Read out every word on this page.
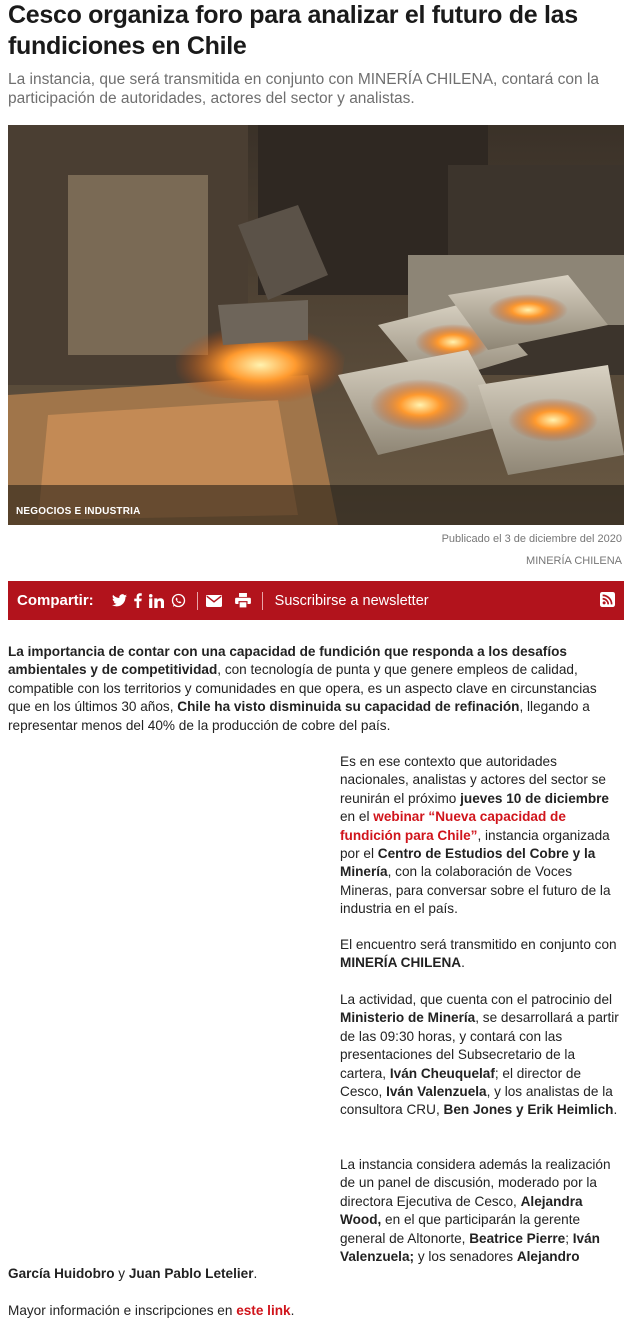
Cesco organiza foro para analizar el futuro de las fundiciones en Chile

La instancia, que será transmitida en conjunto con MINERÍA CHILENA, contará con la participación de autoridades, actores del sector y analistas.

NEGOCIOS E INDUSTRIA
Publicado el 3 de diciembre del 2020
MINERÍA CHILENA
Compartir:	Suscribirse a newsletter

La importancia de contar con una capacidad de fundición que responda a los desafíos ambientales y de competitividad, con tecnología de punta y que genere empleos de calidad, compatible con los territorios y comunidades en que opera, es un aspecto clave en circunstancias que en los últimos 30 años, Chile ha visto disminuida su capacidad de refinación, llegando a representar menos del 40% de la producción de cobre del país.

Es en ese contexto que autoridades nacionales, analistas y actores del sector se reunirán el próximo jueves 10 de diciembre en el webinar “Nueva capacidad de fundición para Chile”, instancia organizada por el Centro de Estudios del Cobre y la Minería, con la colaboración de Voces Mineras, para conversar sobre el futuro de la industria en el país.

El encuentro será transmitido en conjunto con MINERÍA CHILENA.

La actividad, que cuenta con el patrocinio del Ministerio de Minería, se desarrollará a partir de las 09:30 horas, y contará con las presentaciones del Subsecretario de la cartera, Iván Cheuquelaf; el director de Cesco, Iván Valenzuela, y los analistas de la consultora CRU, Ben Jones y Erik Heimlich.

La instancia considera además la realización de un panel de discusión, moderado por la directora Ejecutiva de Cesco, Alejandra Wood, en el que participarán la gerente general de Altonorte, Beatrice Pierre; Iván Valenzuela; y los senadores Alejandro

García Huidobro y Juan Pablo Letelier.

Mayor información e inscripciones en este link.
